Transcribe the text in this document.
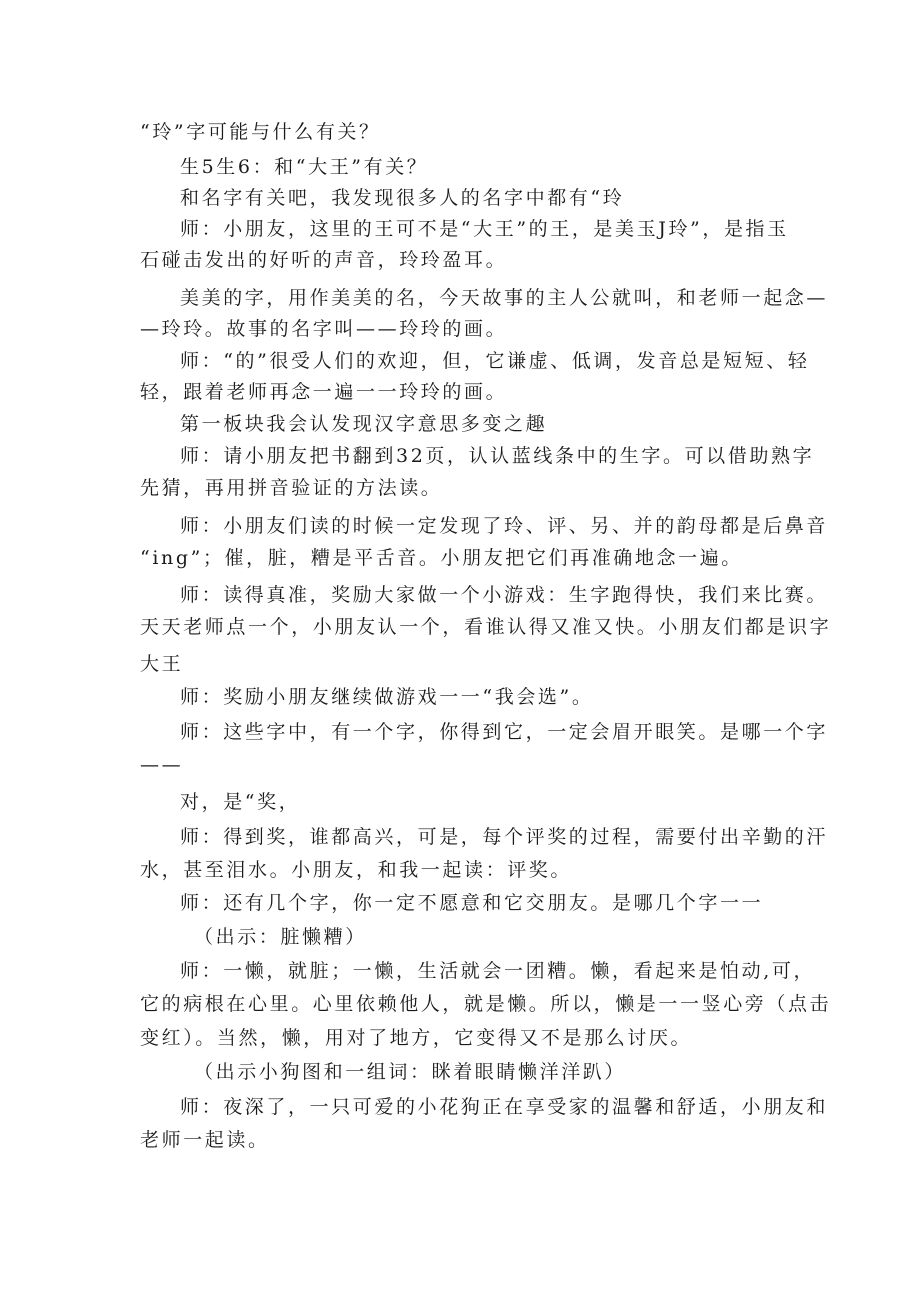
“玲”字可能与什么有关？
生5生6：和“大王”有关？
和名字有关吧，我发现很多人的名字中都有“玲
师：小朋友，这里的王可不是“大王”的王，是美玉J玲”，是指玉
石碰击发出的好听的声音，玲玲盈耳。
美美的字，用作美美的名，今天故事的主人公就叫，和老师一起念—
—玲玲。故事的名字叫——玲玲的画。
师：“的”很受人们的欢迎，但，它谦虚、低调，发音总是短短、轻
轻，跟着老师再念一遍一一玲玲的画。
第一板块我会认发现汉字意思多变之趣
师：请小朋友把书翻到32页，认认蓝线条中的生字。可以借助熟字
先猜，再用拼音验证的方法读。
师：小朋友们读的时候一定发现了玲、评、另、并的韵母都是后鼻音
“ing”；催，脏，糟是平舌音。小朋友把它们再准确地念一遍。
师：读得真准，奖励大家做一个小游戏：生字跑得快，我们来比赛。
天天老师点一个，小朋友认一个，看谁认得又准又快。小朋友们都是识字
大王
师：奖励小朋友继续做游戏一一“我会选”。
师：这些字中，有一个字，你得到它，一定会眉开眼笑。是哪一个字
——
对，是“奖，
师：得到奖，谁都高兴，可是，每个评奖的过程，需要付出辛勤的汗
水，甚至泪水。小朋友，和我一起读：评奖。
师：还有几个字，你一定不愿意和它交朋友。是哪几个字一一
（出示：脏懒糟）
师：一懒，就脏；一懒，生活就会一团糟。懒，看起来是怕动,可，
它的病根在心里。心里依赖他人，就是懒。所以，懒是一一竖心旁（点击
变红）。当然，懒，用对了地方，它变得又不是那么讨厌。
（出示小狗图和一组词：眯着眼睛懒洋洋趴）
师：夜深了，一只可爱的小花狗正在享受家的温馨和舒适，小朋友和
老师一起读。
